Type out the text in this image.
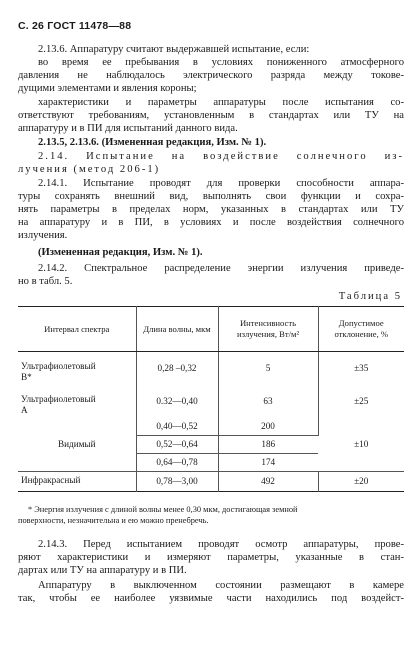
С. 26 ГОСТ 11478—88
2.13.6. Аппаратуру считают выдержавшей испытание, если:
во время ее пребывания в условиях пониженного атмосферного
давления не наблюдалось электрического разряда между токове-
дущими элементами и явления короны;
характеристики и параметры аппаратуры после испытания со-
ответствуют требованиям, установленным в стандартах или ТУ на
аппаратуру и в ПИ для испытаний данного вида.
2.13.5, 2.13.6. (Измененная редакция, Изм. № 1).
2.14. Испытание на воздействие солнечного из-
лучения (метод 206-1)
2.14.1. Испытание проводят для проверки способности аппара-
туры сохранять внешний вид, выполнять свои функции и сохра-
нять параметры в пределах норм, указанных в стандартах или ТУ
на аппаратуру и в ПИ, в условиях и после воздействия солнечного
излучения.
(Измененная редакция, Изм. № 1).
2.14.2. Спектральное распределение энергии излучения приведе-
но в табл. 5.
Таблица 5
Интервал спектра	Длина волны, мкм	Интенсивность излучения, Вт/м²	Допустимое отклонение, %

Ультрафиолетовый
В*	0,28 –0,32	5	±35

Ультрафиолетовый
А	0.32—0,40	63	±25
Видимый	0,40—0,52	200	±10
	0,52—0,64	186	
	0,64—0,78	174	
Инфракрасный	0,78—3,00	492	±20
* Энергия излучения с длиной волны менее 0,30 мкм, достигающая земной
поверхности, незначительна и ею можно пренебречь.
2.14.3. Перед испытанием проводят осмотр аппаратуры, прове-
ряют характеристики и измеряют параметры, указанные в стан-
дартах или ТУ на аппаратуру и в ПИ.
Аппаратуру в выключенном состоянии размещают в камере
так, чтобы ее наиболее уязвимые части находились под воздейст-
